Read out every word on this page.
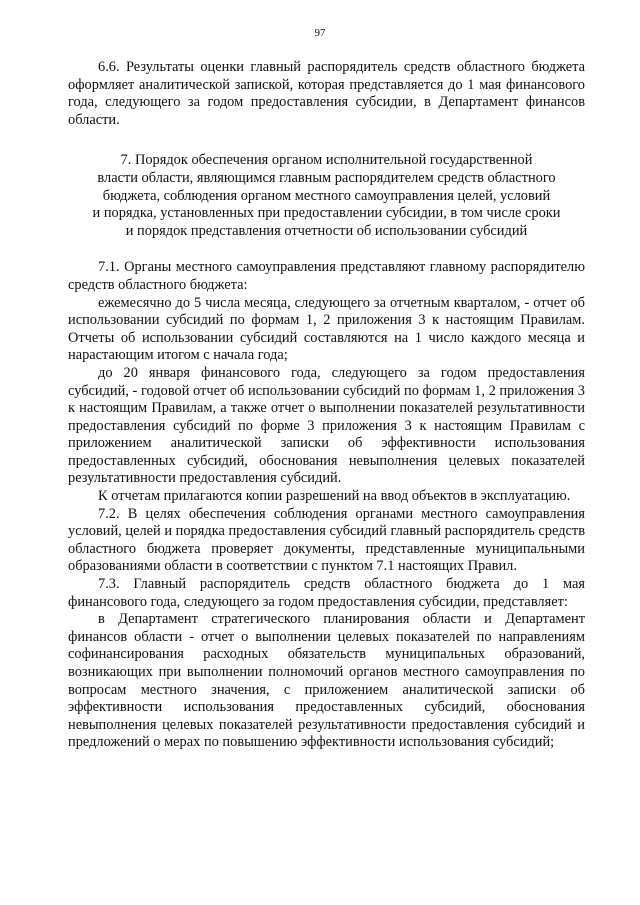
97

6.6. Результаты оценки главный распорядитель средств областного бюджета оформляет аналитической запиской, которая представляется до 1 мая финансового года, следующего за годом предоставления субсидии, в Департамент финансов области.

7. Порядок обеспечения органом исполнительной государственной
власти области, являющимся главным распорядителем средств областного
бюджета, соблюдения органом местного самоуправления целей, условий
и порядка, установленных при предоставлении субсидии, в том числе сроки
и порядок представления отчетности об использовании субсидий

7.1. Органы местного самоуправления представляют главному распорядителю средств областного бюджета:

ежемесячно до 5 числа месяца, следующего за отчетным кварталом, - отчет об использовании субсидий по формам 1, 2 приложения 3 к настоящим Правилам. Отчеты об использовании субсидий составляются на 1 число каждого месяца и нарастающим итогом с начала года;

до 20 января финансового года, следующего за годом предоставления субсидий, - годовой отчет об использовании субсидий по формам 1, 2 приложения 3 к настоящим Правилам, а также отчет о выполнении показателей результативности предоставления субсидий по форме 3 приложения 3 к настоящим Правилам с приложением аналитической записки об эффективности использования предоставленных субсидий, обоснования невыполнения целевых показателей результативности предоставления субсидий.

К отчетам прилагаются копии разрешений на ввод объектов в эксплуатацию.

7.2. В целях обеспечения соблюдения органами местного самоуправления условий, целей и порядка предоставления субсидий главный распорядитель средств областного бюджета проверяет документы, представленные муниципальными образованиями области в соответствии с пунктом 7.1 настоящих Правил.

7.3. Главный распорядитель средств областного бюджета до 1 мая финансового года, следующего за годом предоставления субсидии, представляет:

в Департамент стратегического планирования области и Департамент финансов области - отчет о выполнении целевых показателей по направлениям софинансирования расходных обязательств муниципальных образований, возникающих при выполнении полномочий органов местного самоуправления по вопросам местного значения, с приложением аналитической записки об эффективности использования предоставленных субсидий, обоснования невыполнения целевых показателей результативности предоставления субсидий и предложений о мерах по повышению эффективности использования субсидий;
